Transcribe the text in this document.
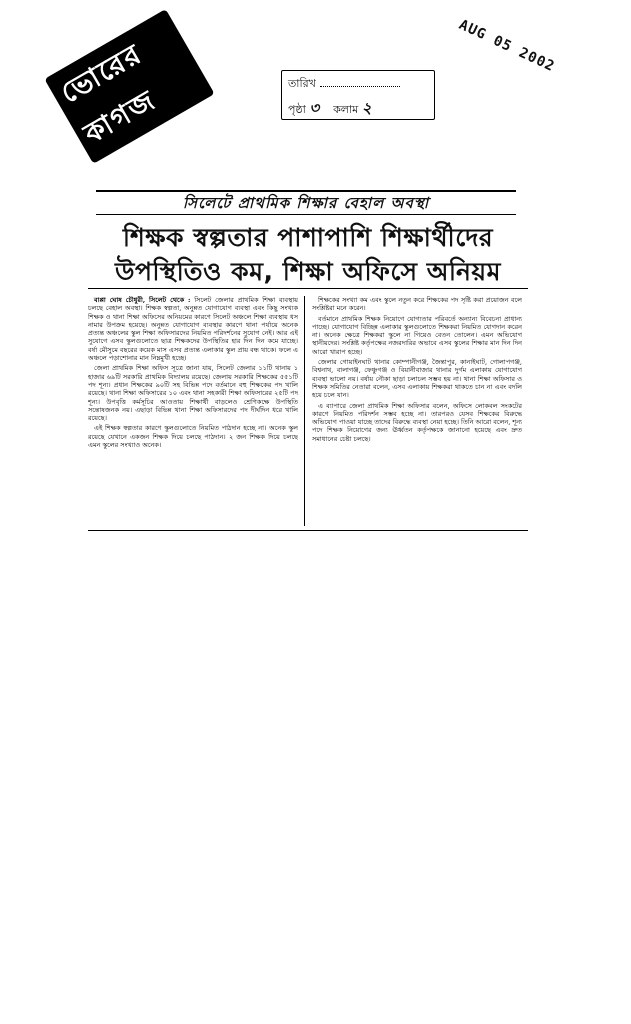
ভোরের কাগজ
AUG 05 2002
তারিখ
পৃষ্ঠা ৩ কলাম ২
সিলেটে প্রাথমিক শিক্ষার বেহাল অবস্থা
শিক্ষক স্বল্পতার পাশাপাশি শিক্ষার্থীদের
উপস্থিতিও কম, শিক্ষা অফিসে অনিয়ম

বাপ্পা ঘোষ চৌধুরী, সিলেট থেকে : সিলেট জেলার প্রাথমিক শিক্ষা ব্যবস্থায় চলছে বেহাল অবস্থা। শিক্ষক স্বল্পতা, অনুন্নত যোগাযোগ ব্যবস্থা এবং কিছু সংখ্যক শিক্ষক ও থানা শিক্ষা অফিসের অনিয়মের কারণে সিলেট অঞ্চলে শিক্ষা ব্যবস্থায় ধস নামার উপক্রম হয়েছে। অনুন্নত যোগাযোগ ব্যবস্থার কারণে থানা পর্যায়ে অনেক প্রত্যন্ত অঞ্চলের স্কুল শিক্ষা অফিসারদের নিয়মিত পরিদর্শনের সুযোগ নেই। আর এই সুযোগে এসব স্কুলগুলোতে ছাত্র শিক্ষকদের উপস্থিতির হার দিন দিন কমে যাচ্ছে। বর্ষা মৌসুমে বছরের কয়েক মাস এসব প্রত্যন্ত এলাকার স্কুল প্রায় বন্ধ থাকে। ফলে এ অঞ্চলে পড়াশোনার মান নিম্নমুখী হচ্ছে।

জেলা প্রাথমিক শিক্ষা অফিস সূত্রে জানা যায়, সিলেট জেলার ১১টি থানায় ১ হাজার ৬৯টি সরকারি প্রাথমিক বিদ্যালয় রয়েছে। জেলায় সরকারি শিক্ষকের ৫৫১টি পদ শূন্য। প্রধান শিক্ষকের ৯০টি সহ বিভিন্ন পদে বর্তমানে বহু শিক্ষকের পদ খালি রয়েছে। থানা শিক্ষা অফিসারের ১০ এবং থানা সহকারী শিক্ষা অফিসারের ২৫টি পদ শূন্য। উপবৃত্তি কর্মসূচির আওতায় শিক্ষার্থী বাড়লেও শ্রেণিকক্ষে উপস্থিতি সন্তোষজনক নয়। এছাড়া বিভিন্ন থানা শিক্ষা অফিসারদের পদ দীর্ঘদিন ধরে খালি রয়েছে।

এই শিক্ষক স্বল্পতার কারণে স্কুলগুলোতে নিয়মিত পাঠদান হচ্ছে না। অনেক স্কুল রয়েছে যেখানে একজন শিক্ষক দিয়ে চলছে পাঠদান। ২ জন শিক্ষক দিয়ে চলছে এমন স্কুলের সংখ্যাও অনেক।

শিক্ষকের সংখ্যা কম এবং স্কুলে নতুন করে শিক্ষকের পদ সৃষ্টি করা প্রয়োজন বলে সংশ্লিষ্টরা মনে করেন।

বর্তমানে প্রাথমিক শিক্ষক নিয়োগে যোগ্যতার পরিবর্তে অন্যান্য বিবেচনা প্রাধান্য পাচ্ছে। যোগাযোগ বিচ্ছিন্ন এলাকার স্কুলগুলোতে শিক্ষকরা নিয়মিত যোগদান করেন না। অনেক ক্ষেত্রে শিক্ষকরা স্কুলে না গিয়েও বেতন তোলেন। এমন অভিযোগ স্থানীয়দের। সংশ্লিষ্ট কর্তৃপক্ষের নজরদারির অভাবে এসব স্কুলের শিক্ষার মান দিন দিন আরো খারাপ হচ্ছে।

জেলার গোয়াইনঘাট থানার কোম্পানীগঞ্জ, জৈন্তাপুর, কানাইঘাট, গোলাপগঞ্জ, বিশ্বনাথ, বালাগঞ্জ, ফেঞ্চুগঞ্জ ও বিয়ানীবাজার থানার দুর্গম এলাকায় যোগাযোগ ব্যবস্থা ভালো নয়। বর্ষায় নৌকা ছাড়া চলাচল সম্ভব হয় না। থানা শিক্ষা অফিসার ও শিক্ষক সমিতির নেতারা বলেন, এসব এলাকায় শিক্ষকরা থাকতে চান না এবং বদলি হয়ে চলে যান।

এ ব্যাপারে জেলা প্রাথমিক শিক্ষা অফিসার বলেন, অফিসে লোকবল সংকটের কারণে নিয়মিত পরিদর্শন সম্ভব হচ্ছে না। তারপরও যেসব শিক্ষকের বিরুদ্ধে অভিযোগ পাওয়া যাচ্ছে তাদের বিরুদ্ধে ব্যবস্থা নেয়া হচ্ছে। তিনি আরো বলেন, শূন্য পদে শিক্ষক নিয়োগের জন্য ঊর্ধ্বতন কর্তৃপক্ষকে জানানো হয়েছে এবং দ্রুত সমাধানের চেষ্টা চলছে।
